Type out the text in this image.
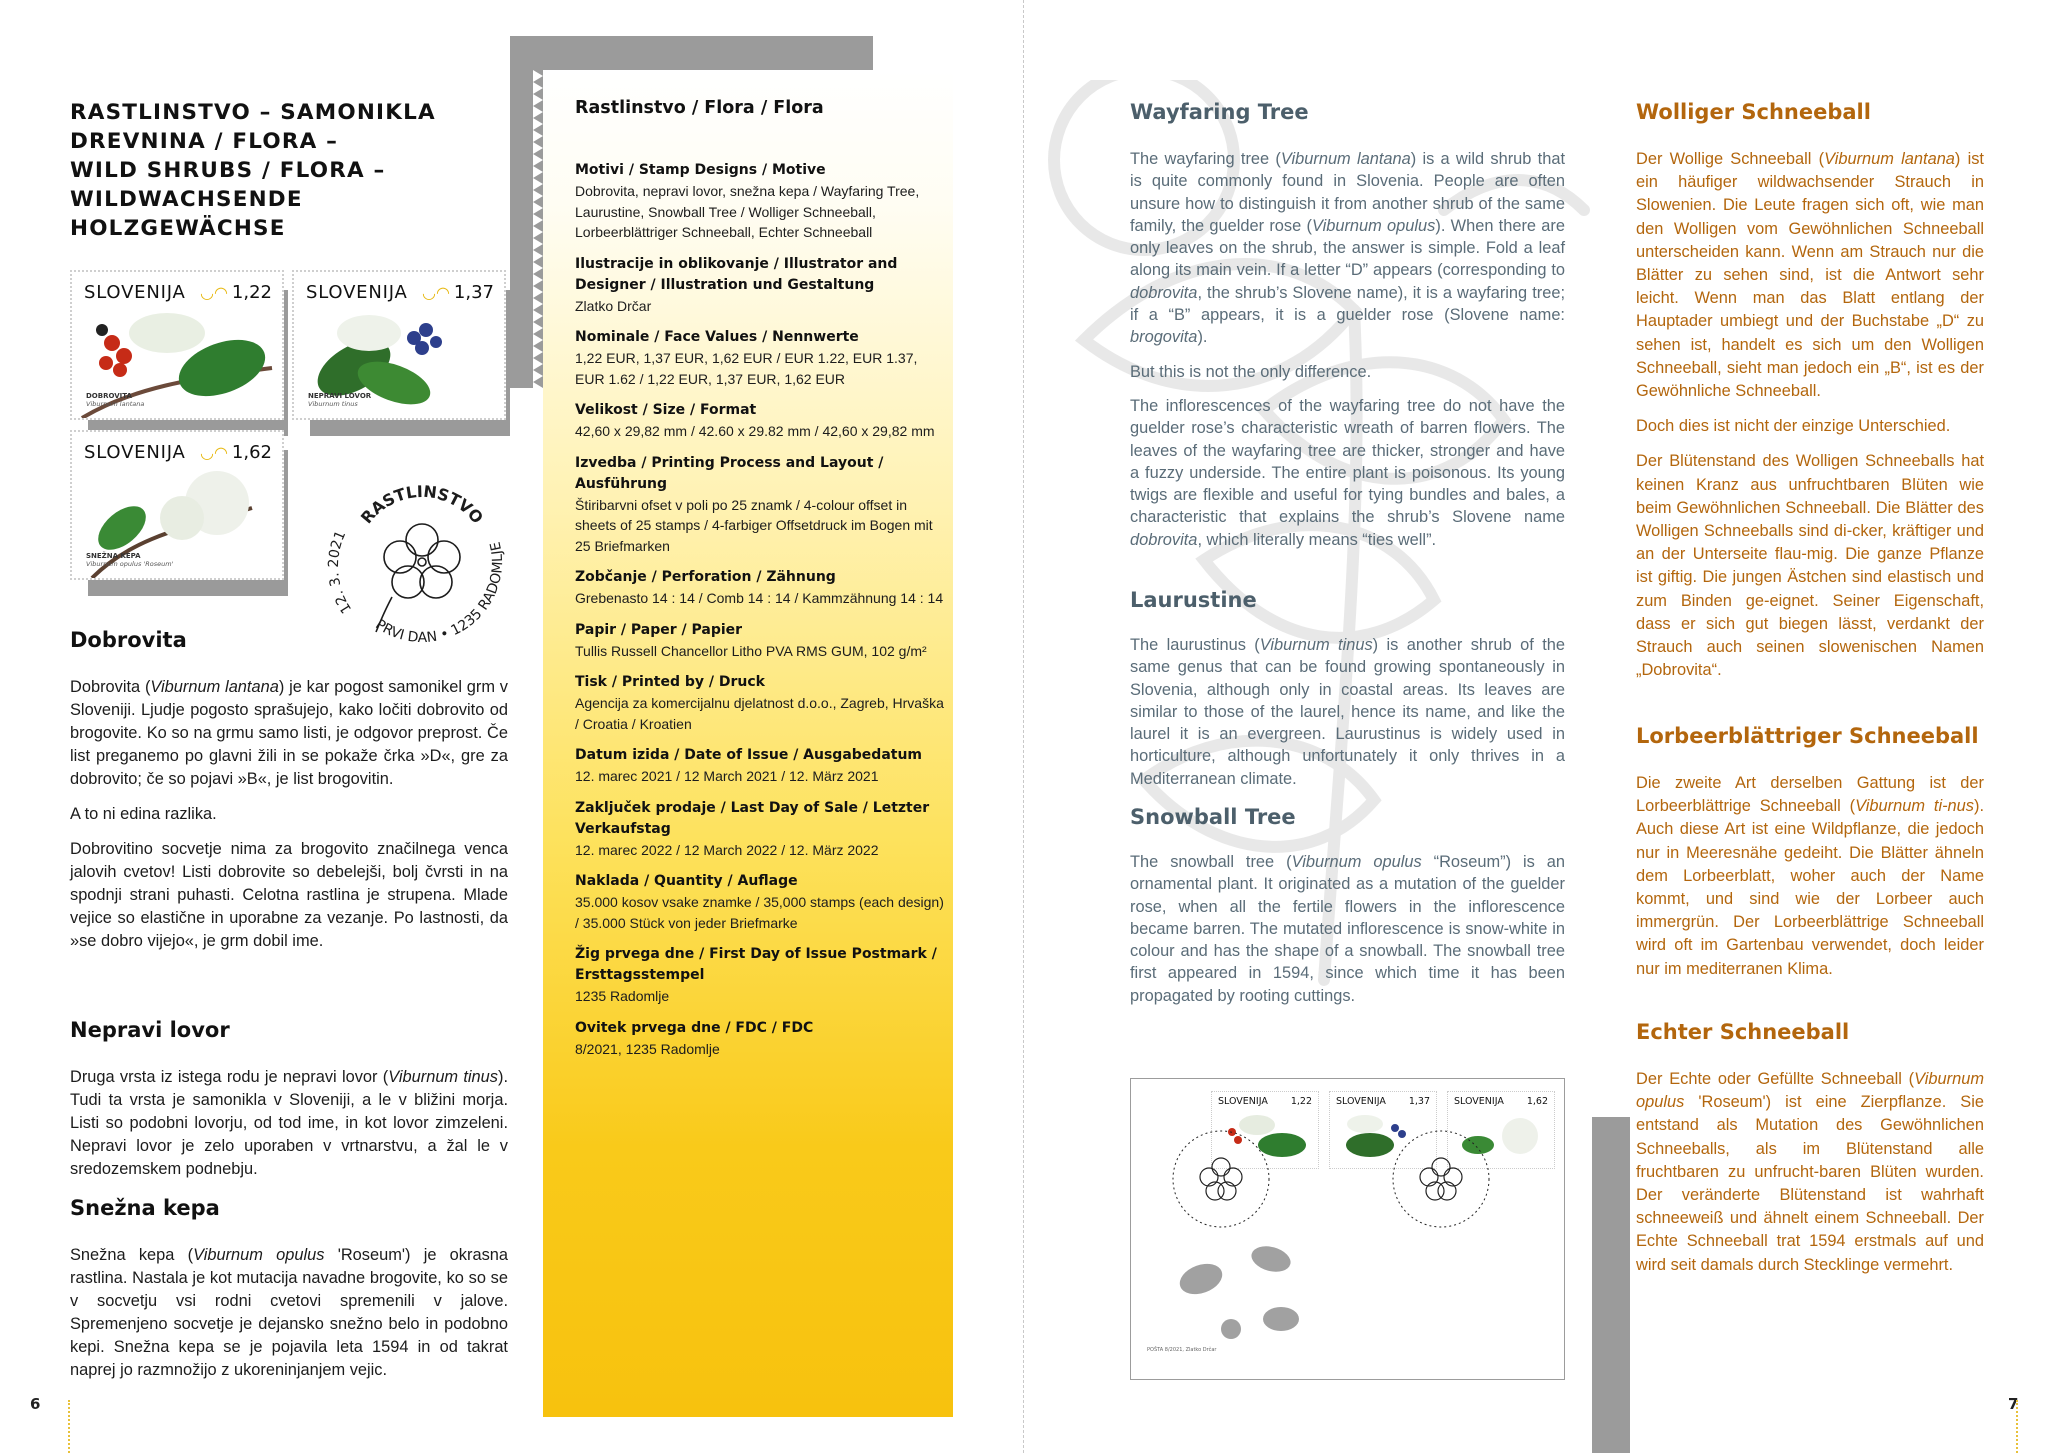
RASTLINSTVO – SAMONIKLA
DREVNINA / FLORA –
WILD SHRUBS / FLORA –
WILDWACHSENDE
HOLZGEWÄCHSE
SLOVENIJA ◡◠ 1,22
DOBROVITA
Viburnum lantana
SLOVENIJA ◡◠ 1,37
NEPRAVI LOVOR
Viburnum tinus
SLOVENIJA ◡◠ 1,62
SNEŽNA KEPA
Viburnum opulus 'Roseum'
RASTLINSTVO
PRVI DAN • 1235 RADOMLJE
12. 3. 2021
Dobrovita

Dobrovita (Viburnum lantana) je kar pogost samonikel grm v Sloveniji. Ljudje pogosto sprašujejo, kako ločiti dobrovito od brogovite. Ko so na grmu samo listi, je odgovor preprost. Če list preganemo po glavni žili in se pokaže črka »D«, gre za dobrovito; če so pojavi »B«, je list brogovitin.

A to ni edina razlika.

Dobrovitino socvetje nima za brogovito značilnega venca jalovih cvetov! Listi dobrovite so debelejši, bolj čvrsti in na spodnji strani puhasti. Celotna rastlina je strupena. Mlade vejice so elastične in uporabne za vezanje. Po lastnosti, da »se dobro vijejo«, je grm dobil ime.

Nepravi lovor

Druga vrsta iz istega rodu je nepravi lovor (Viburnum tinus). Tudi ta vrsta je samonikla v Sloveniji, a le v bližini morja. Listi so podobni lovorju, od tod ime, in kot lovor zimzeleni. Nepravi lovor je zelo uporaben v vrtnarstvu, a žal le v sredozemskem podnebju.

Snežna kepa

Snežna kepa (Viburnum opulus 'Roseum') je okrasna rastlina. Nastala je kot mutacija navadne brogovite, ko so se v socvetju vsi rodni cvetovi spremenili v jalove. Spremenjeno socvetje je dejansko snežno belo in podobno kepi. Snežna kepa se je pojavila leta 1594 in od takrat naprej jo razmnožijo z ukoreninjanjem vejic.

6
Rastlinstvo / Flora / Flora
Motivi / Stamp Designs / Motive
Dobrovita, nepravi lovor, snežna kepa / Wayfaring Tree, Laurustine, Snowball Tree / Wolliger Schneeball, Lorbeerblättriger Schneeball, Echter Schneeball
Ilustracije in oblikovanje / Illustrator and Designer / Illustration und Gestaltung
Zlatko Drčar
Nominale / Face Values / Nennwerte
1,22 EUR, 1,37 EUR, 1,62 EUR / EUR 1.22, EUR 1.37, EUR 1.62 / 1,22 EUR, 1,37 EUR, 1,62 EUR
Velikost / Size / Format
42,60 x 29,82 mm / 42.60 x 29.82 mm / 42,60 x 29,82 mm
Izvedba / Printing Process and Layout / Ausführung
Štiribarvni ofset v poli po 25 znamk / 4-colour offset in sheets of 25 stamps / 4-farbiger Offsetdruck im Bogen mit 25 Briefmarken
Zobčanje / Perforation / Zähnung
Grebenasto 14 : 14 / Comb 14 : 14 / Kammzähnung 14 : 14
Papir / Paper / Papier
Tullis Russell Chancellor Litho PVA RMS GUM, 102 g/m²
Tisk / Printed by / Druck
Agencija za komercijalnu djelatnost d.o.o., Zagreb, Hrvaška / Croatia / Kroatien
Datum izida / Date of Issue / Ausgabedatum
12. marec 2021 / 12 March 2021 / 12. März 2021
Zaključek prodaje / Last Day of Sale / Letzter Verkaufstag
12. marec 2022 / 12 March 2022 / 12. März 2022
Naklada / Quantity / Auflage
35.000 kosov vsake znamke / 35,000 stamps (each design) / 35.000 Stück von jeder Briefmarke
Žig prvega dne / First Day of Issue Postmark / Ersttagsstempel
1235 Radomlje
Ovitek prvega dne / FDC / FDC
8/2021, 1235 Radomlje
Wayfaring Tree

The wayfaring tree (Viburnum lantana) is a wild shrub that is quite commonly found in Slovenia. People are often unsure how to distinguish it from another shrub of the same family, the guelder rose (Viburnum opulus). When there are only leaves on the shrub, the answer is simple. Fold a leaf along its main vein. If a letter “D” appears (corresponding to dobrovita, the shrub’s Slovene name), it is a wayfaring tree; if a “B” appears, it is a guelder rose (Slovene name: brogovita).

But this is not the only difference.

The inflorescences of the wayfaring tree do not have the guelder rose’s characteristic wreath of barren flowers. The leaves of the wayfaring tree are thicker, stronger and have a fuzzy underside. The entire plant is poisonous. Its young twigs are flexible and useful for tying bundles and bales, a characteristic that explains the shrub’s Slovene name dobrovita, which literally means “ties well”.

Laurustine

The laurustinus (Viburnum tinus) is another shrub of the same genus that can be found growing spontaneously in Slovenia, although only in coastal areas. Its leaves are similar to those of the laurel, hence its name, and like the laurel it is an evergreen. Laurustinus is widely used in horticulture, although unfortunately it only thrives in a Mediterranean climate.

Snowball Tree

The snowball tree (Viburnum opulus “Roseum”) is an ornamental plant. It originated as a mutation of the guelder rose, when all the fertile flowers in the inflorescence became barren. The mutated inflorescence is snow-white in colour and has the shape of a snowball. The snowball tree first appeared in 1594, since which time it has been propagated by rooting cuttings.

SLOVENIJA 1,22	SLOVENIJA 1,37	SLOVENIJA 1,62
POŠTA 8/2021, Zlatko Drčar
Wolliger Schneeball

Der Wollige Schneeball (Viburnum lantana) ist ein häufiger wildwachsender Strauch in Slowenien. Die Leute fragen sich oft, wie man den Wolligen vom Gewöhnlichen Schneeball unterscheiden kann. Wenn am Strauch nur die Blätter zu sehen sind, ist die Antwort sehr leicht. Wenn man das Blatt entlang der Hauptader umbiegt und der Buchstabe „D“ zu sehen ist, handelt es sich um den Wolligen Schneeball, sieht man jedoch ein „B“, ist es der Gewöhnliche Schneeball.

Doch dies ist nicht der einzige Unterschied.

Der Blütenstand des Wolligen Schneeballs hat keinen Kranz aus unfruchtbaren Blüten wie beim Gewöhnlichen Schneeball. Die Blätter des Wolligen Schneeballs sind di-cker, kräftiger und an der Unterseite flau-mig. Die ganze Pflanze ist giftig. Die jungen Ästchen sind elastisch und zum Binden ge-eignet. Seiner Eigenschaft, dass er sich gut biegen lässt, verdankt der Strauch auch seinen slowenischen Namen „Dobrovita“.

Lorbeerblättriger Schneeball

Die zweite Art derselben Gattung ist der Lorbeerblättrige Schneeball (Viburnum ti-nus). Auch diese Art ist eine Wildpflanze, die jedoch nur in Meeresnähe gedeiht. Die Blätter ähneln dem Lorbeerblatt, woher auch der Name kommt, und sind wie der Lorbeer auch immergrün. Der Lorbeerblättrige Schneeball wird oft im Gartenbau verwendet, doch leider nur im mediterranen Klima.

Echter Schneeball

Der Echte oder Gefüllte Schneeball (Viburnum opulus 'Roseum') ist eine Zierpflanze. Sie entstand als Mutation des Gewöhnlichen Schneeballs, als im Blütenstand alle fruchtbaren zu unfrucht-baren Blüten wurden. Der veränderte Blütenstand ist wahrhaft schneeweiß und ähnelt einem Schneeball. Der Echte Schneeball trat 1594 erstmals auf und wird seit damals durch Stecklinge vermehrt.

7
